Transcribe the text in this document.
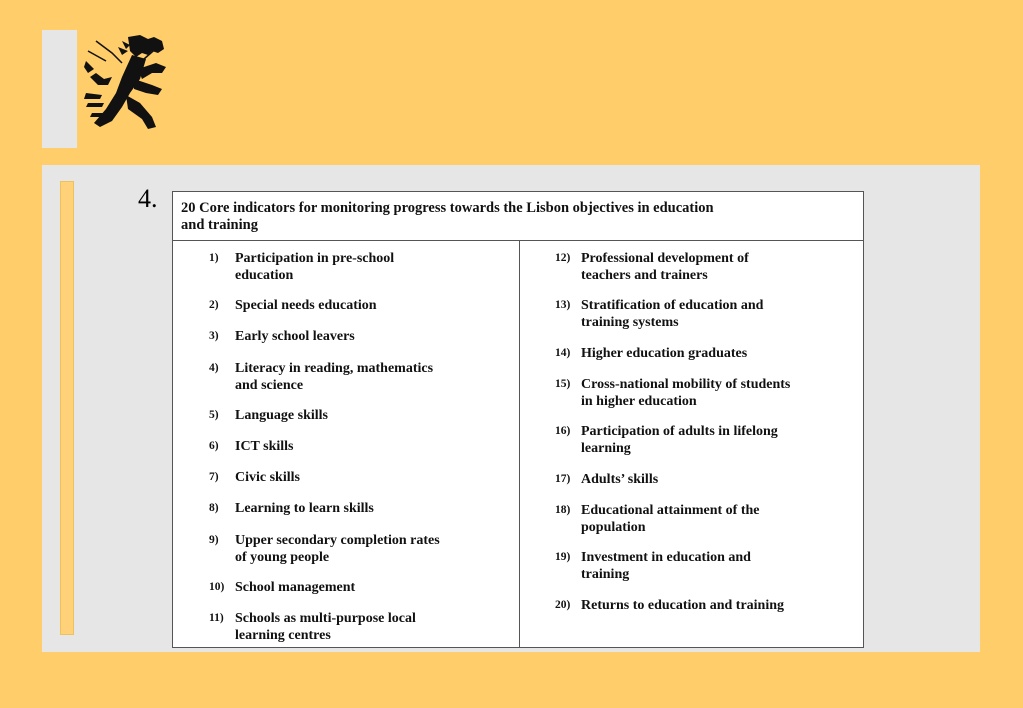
4. 20 Core indicators for monitoring progress towards the Lisbon objectives in education
and training
1) Participation in pre-school
education
2) Special needs education
3) Early school leavers
4) Literacy in reading, mathematics
and science
5) Language skills
6) ICT skills
7) Civic skills
8) Learning to learn skills
9) Upper secondary completion rates
of young people
10) School management
11) Schools as multi-purpose local
learning centres
12) Professional development of
teachers and trainers
13) Stratification of education and
training systems
14) Higher education graduates
15) Cross-national mobility of students
in higher education
16) Participation of adults in lifelong
learning
17) Adults’ skills
18) Educational attainment of the
population
19) Investment in education and
training
20) Returns to education and training
